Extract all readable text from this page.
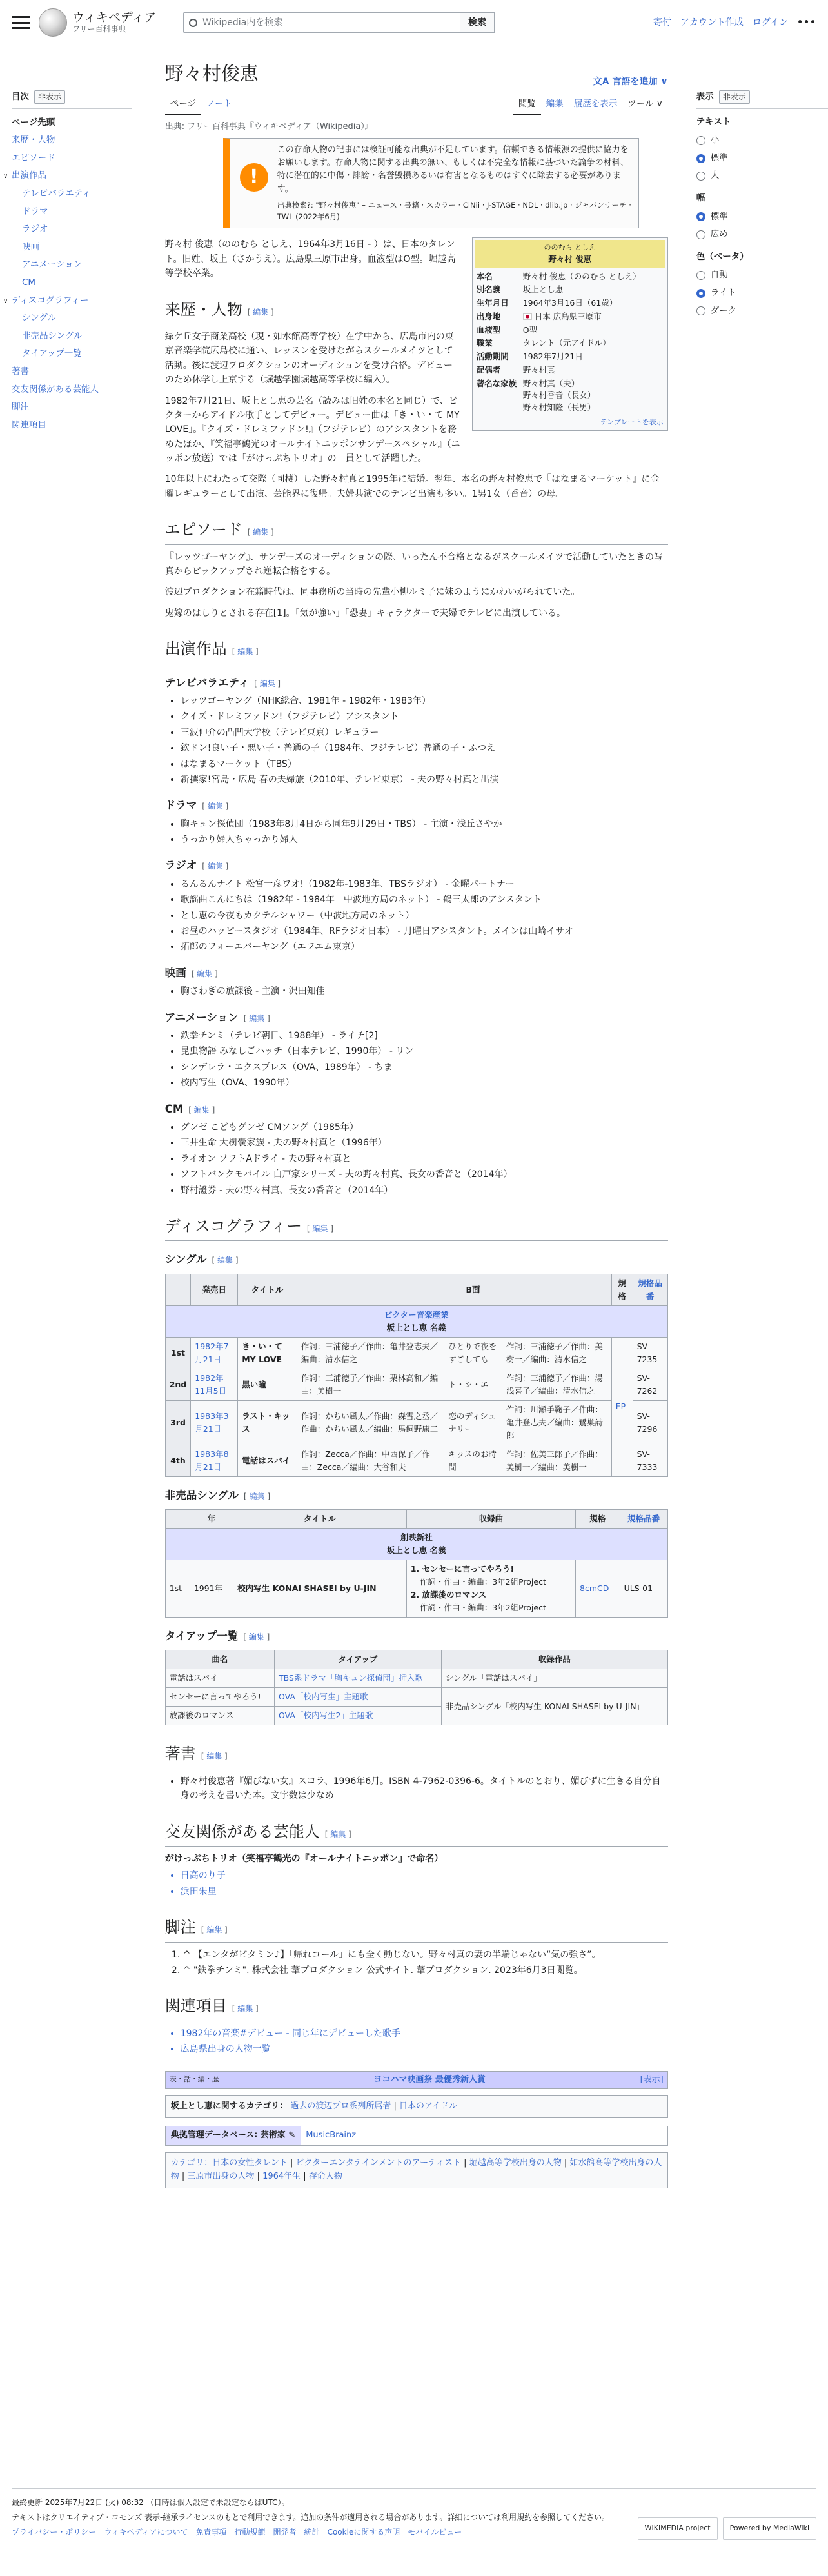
ウィキペディア
フリー百科事典
Wikipedia内を検索	検索	寄付 アカウント作成 ログイン •••
目次	非表示
ページ先頭
来歴・人物
エピソード
∨ 出演作品
テレビバラエティ
ドラマ
ラジオ
映画
アニメーション
CM
∨ ディスコグラフィー
シングル
非売品シングル
タイアップ一覧
著書
交友関係がある芸能人
脚注
関連項目
野々村俊恵	文A 言語を追加 ∨
ページ	ノート	閲覧	編集	履歴を表示	ツール ∨
出典: フリー百科事典『ウィキペディア（Wikipedia）』
!
この存命人物の記事には検証可能な出典が不足しています。信頼できる情報源の提供に協力をお願いします。存命人物に関する出典の無い、もしくは不完全な情報に基づいた論争の材料、特に潜在的に中傷・誹謗・名誉毀損あるいは有害となるものはすぐに除去する必要があります。
出典検索?: "野々村俊恵" – ニュース · 書籍 · スカラー · CiNii · J-STAGE · NDL · dlib.jp · ジャパンサーチ · TWL (2022年6月)
ののむら としえ
野々村 俊恵
本名	野々村 俊恵（ののむら としえ）
別名義	坂上とし恵
生年月日	1964年3月16日（61歳）
出身地	日本 広島県三原市
血液型	O型
職業	タレント（元アイドル）
活動期間	1982年7月21日 -
配偶者	野々村真
著名な家族 野々村真（夫）
野々村香音（長女）
野々村知隆（長男）
テンプレートを表示

野々村 俊恵（ののむら としえ、1964年3月16日 - ）は、日本のタレント。旧姓、坂上（さかうえ）。広島県三原市出身。血液型はO型。堀越高等学校卒業。

来歴・人物 [ 編集 ]

緑ケ丘女子商業高校（現・如水館高等学校）在学中から、広島市内の東京音楽学院広島校に通い、レッスンを受けながらスクールメイツとして活動。後に渡辺プロダクションのオーディションを受け合格。デビューのため休学し上京する（堀越学園堀越高等学校に編入）。

1982年7月21日、坂上とし恵の芸名（読みは旧姓の本名と同じ）で、ビクターからアイドル歌手としてデビュー。デビュー曲は「き・い・て MY LOVE」。『クイズ・ドレミファドン!』（フジテレビ）のアシスタントを務めたほか、『笑福亭鶴光のオールナイトニッポンサンデースペシャル』（ニッポン放送）では「がけっぷちトリオ」の一員として活躍した。

10年以上にわたって交際（同棲）した野々村真と1995年に結婚。翌年、本名の野々村俊恵で『はなまるマーケット』に金曜レギュラーとして出演、芸能界に復帰。夫婦共演でのテレビ出演も多い。1男1女（香音）の母。

エピソード [ 編集 ]

『レッツゴーヤング』、サンデーズのオーディションの際、いったん不合格となるがスクールメイツで活動していたときの写真からピックアップされ逆転合格をする。

渡辺プロダクション在籍時代は、同事務所の当時の先輩小柳ルミ子に妹のようにかわいがられていた。

鬼嫁のはしりとされる存在[1]。「気が強い」「恐妻」キャラクターで夫婦でテレビに出演している。

出演作品 [ 編集 ]
テレビバラエティ [ 編集 ]
• レッツゴーヤング（NHK総合、1981年 - 1982年・1983年）
• クイズ・ドレミファドン!（フジテレビ）アシスタント
• 三波伸介の凸凹大学校（テレビ東京）レギュラー
• 欽ドン!良い子・悪い子・普通の子（1984年、フジテレビ）普通の子・ふつえ
• はなまるマーケット（TBS）
• 新撰家!宮島・広島 春の夫婦旅（2010年、テレビ東京） - 夫の野々村真と出演
ドラマ [ 編集 ]
• 胸キュン探偵団（1983年8月4日から同年9月29日・TBS） - 主演・浅丘さやか
• うっかり婦人ちゃっかり婦人
ラジオ [ 編集 ]
• るんるんナイト 松宮一彦ワオ!（1982年-1983年、TBSラジオ） - 金曜パートナー
• 歌謡曲こんにちは（1982年 - 1984年　中波地方局のネット） - 鶴三太郎のアシスタント
• とし恵の今夜もカクテルシャワー（中波地方局のネット）
• お昼のハッピースタジオ（1984年、RFラジオ日本） - 月曜日アシスタント。メインは山崎イサオ
• 拓郎のフォーエバーヤング（エフエム東京）
映画 [ 編集 ]
• 胸さわぎの放課後 - 主演・沢田知佳
アニメーション [ 編集 ]
• 鉄拳チンミ（テレビ朝日、1988年） - ライチ[2]
• 昆虫物語 みなしごハッチ（日本テレビ、1990年） - リン
• シンデレラ・エクスプレス（OVA、1989年） - ちま
• 校内写生（OVA、1990年）
CM [ 編集 ]
• グンゼ こどもグンゼ CMソング（1985年）
• 三井生命 大樹嚢家族 - 夫の野々村真と（1996年）
• ライオン ソフトAドライ - 夫の野々村真と
• ソフトバンクモバイル 白戸家シリーズ - 夫の野々村真、長女の香音と（2014年）
• 野村證券 - 夫の野々村真、長女の香音と（2014年）
ディスコグラフィー [ 編集 ]
シングル [ 編集 ]
	発売日	タイトル		B面		規格	規格品番

ビクター音楽産業
坂上とし恵 名義							

1st	1982年7月21日	き・い・て MY LOVE	作詞：三浦徳子／作曲：亀井登志夫／編曲：清水信之	ひとりで夜をすごしても	作詞：三浦徳子／作曲：美樹一／編曲：清水信之	EP	SV-7235
2nd	1982年11月5日	黒い瞳	作詞：三浦徳子／作曲：栗林高和／編曲：美樹一	ト・シ・エ	作詞：三浦徳子／作曲：湯浅喜子／編曲：清水信之		SV-7262
3rd	1983年3月21日	ラスト・キッス	作詞：かちい風太／作曲：森雪之丞／作曲：かちい風太／編曲：馬飼野康二	恋のディシュナリー	作詞：川瀬手鞠子／作曲：亀井登志夫／編曲：鷺巣詩郎		SV-7296
4th	1983年8月21日	電話はスパイ	作詞：Zecca／作曲：中西保子／作曲：Zecca／編曲：大谷和夫	キッスのお時間	作詞：佐美三郎子／作曲：美樹一／編曲：美樹一		SV-7333
非売品シングル [ 編集 ]
	年	タイトル	収録曲	規格	規格品番

創映新社
坂上とし恵 名義					

1st	1991年	校内写生 KONAI SHASEI by U-JIN	1. センセーに言ってやろう!
作詞・作曲・編曲：3年2組Project
2. 放課後のロマンス
作詞・作曲・編曲：3年2組Project	8cmCD	ULS-01
タイアップ一覧 [ 編集 ]
曲名	タイアップ	収録作品
電話はスパイ	TBS系ドラマ「胸キュン探偵団」挿入歌	シングル「電話はスパイ」
センセーに言ってやろう!	OVA「校内写生」主題歌	非売品シングル「校内写生 KONAI SHASEI by U-JIN」
放課後のロマンス	OVA「校内写生2」主題歌	
著書 [ 編集 ]
• 野々村俊恵著『媚びない女』スコラ、1996年6月。ISBN 4-7962-0396-6。タイトルのとおり、媚びずに生きる自分自身の考えを書いた本。文字数は少なめ
交友関係がある芸能人 [ 編集 ]
がけっぷちトリオ（笑福亭鶴光の『オールナイトニッポン』で命名）
• 日高のり子
• 浜田朱里
脚注 [ 編集 ]
1. ^ 【エンタがビタミン♪】「帰れコール」にも全く動じない。野々村真の妻の半端じゃない“気の強さ”。
2. ^ "鉄拳チンミ". 株式会社 葦プロダクション 公式サイト. 葦プロダクション. 2023年6月3日閲覧。
関連項目 [ 編集 ]
• 1982年の音楽#デビュー - 同じ年にデビューした歌手
• 広島県出身の人物一覧
表・話・編・歴	ヨコハマ映画祭 最優秀新人賞	[表示]
坂上とし恵に関するカテゴリ： 過去の渡辺プロ系列所属者 | 日本のアイドル
典拠管理データベース: 芸術家 ✎	MusicBrainz
カテゴリ：日本の女性タレント | ビクターエンタテインメントのアーティスト | 堀越高等学校出身の人物 | 如水館高等学校出身の人物 | 三原市出身の人物 | 1964年生 | 存命人物
表示	非表示
テキスト
小
標準
大
幅
標準
広め
色（ベータ）
自動
ライト
ダーク
最終更新 2025年7月22日 (火) 08:32 （日時は個人設定で未設定ならばUTC）。
テキストはクリエイティブ・コモンズ 表示-継承ライセンスのもとで利用できます。追加の条件が適用される場合があります。詳細については利用規約を参照してください。
プライバシー・ポリシー ウィキペディアについて 免責事項 行動規範 開発者 統計 Cookieに関する声明 モバイルビュー	WIKIMEDIA project	Powered by MediaWiki
